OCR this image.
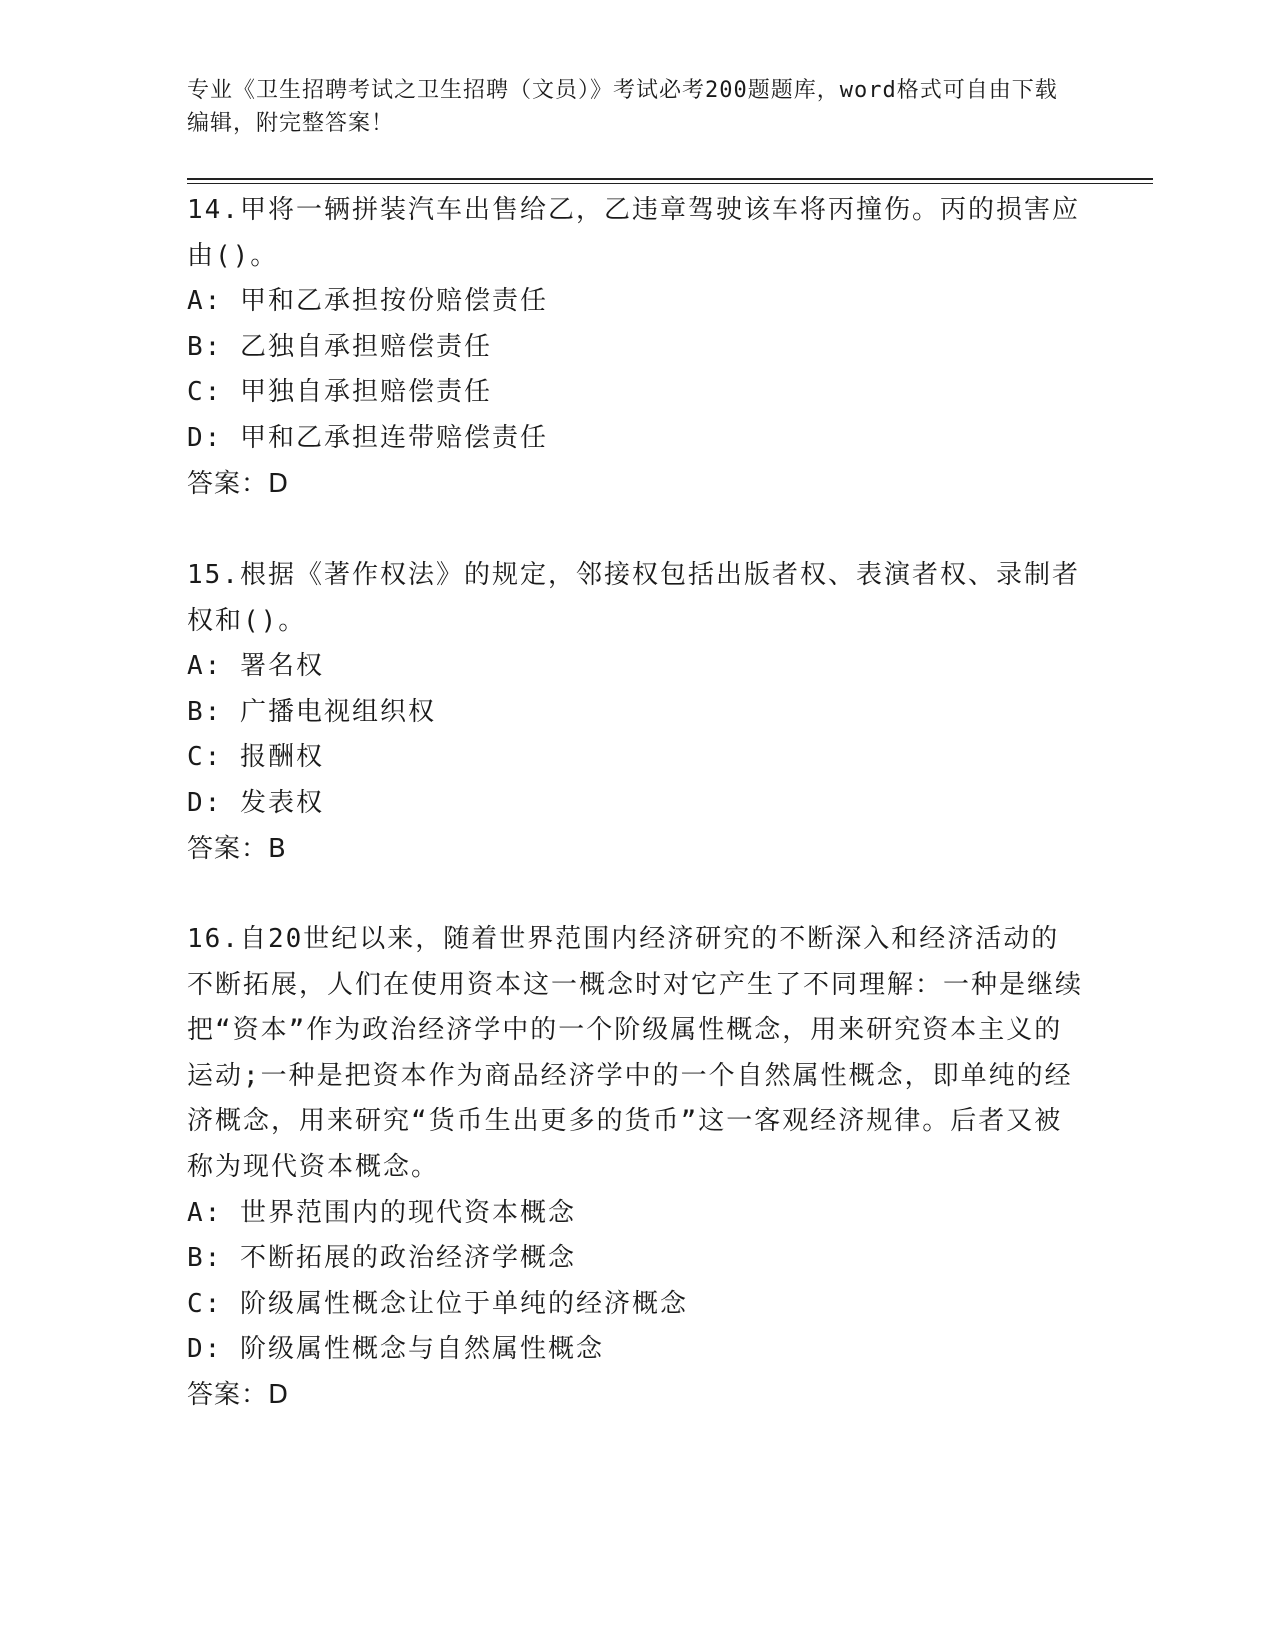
专业《卫生招聘考试之卫生招聘（文员）》考试必考200题题库，word格式可自由下载编辑，附完整答案！
14.甲将一辆拼装汽车出售给乙，乙违章驾驶该车将丙撞伤。丙的损害应由()。
A: 甲和乙承担按份赔偿责任
B: 乙独自承担赔偿责任
C: 甲独自承担赔偿责任
D: 甲和乙承担连带赔偿责任
答案：D
15.根据《著作权法》的规定，邻接权包括出版者权、表演者权、录制者权和()。
A: 署名权
B: 广播电视组织权
C: 报酬权
D: 发表权
答案：B
16.自20世纪以来，随着世界范围内经济研究的不断深入和经济活动的不断拓展，人们在使用资本这一概念时对它产生了不同理解：一种是继续把“资本”作为政治经济学中的一个阶级属性概念，用来研究资本主义的运动;一种是把资本作为商品经济学中的一个自然属性概念，即单纯的经济概念，用来研究“货币生出更多的货币”这一客观经济规律。后者又被称为现代资本概念。
A: 世界范围内的现代资本概念
B: 不断拓展的政治经济学概念
C: 阶级属性概念让位于单纯的经济概念
D: 阶级属性概念与自然属性概念
答案：D
